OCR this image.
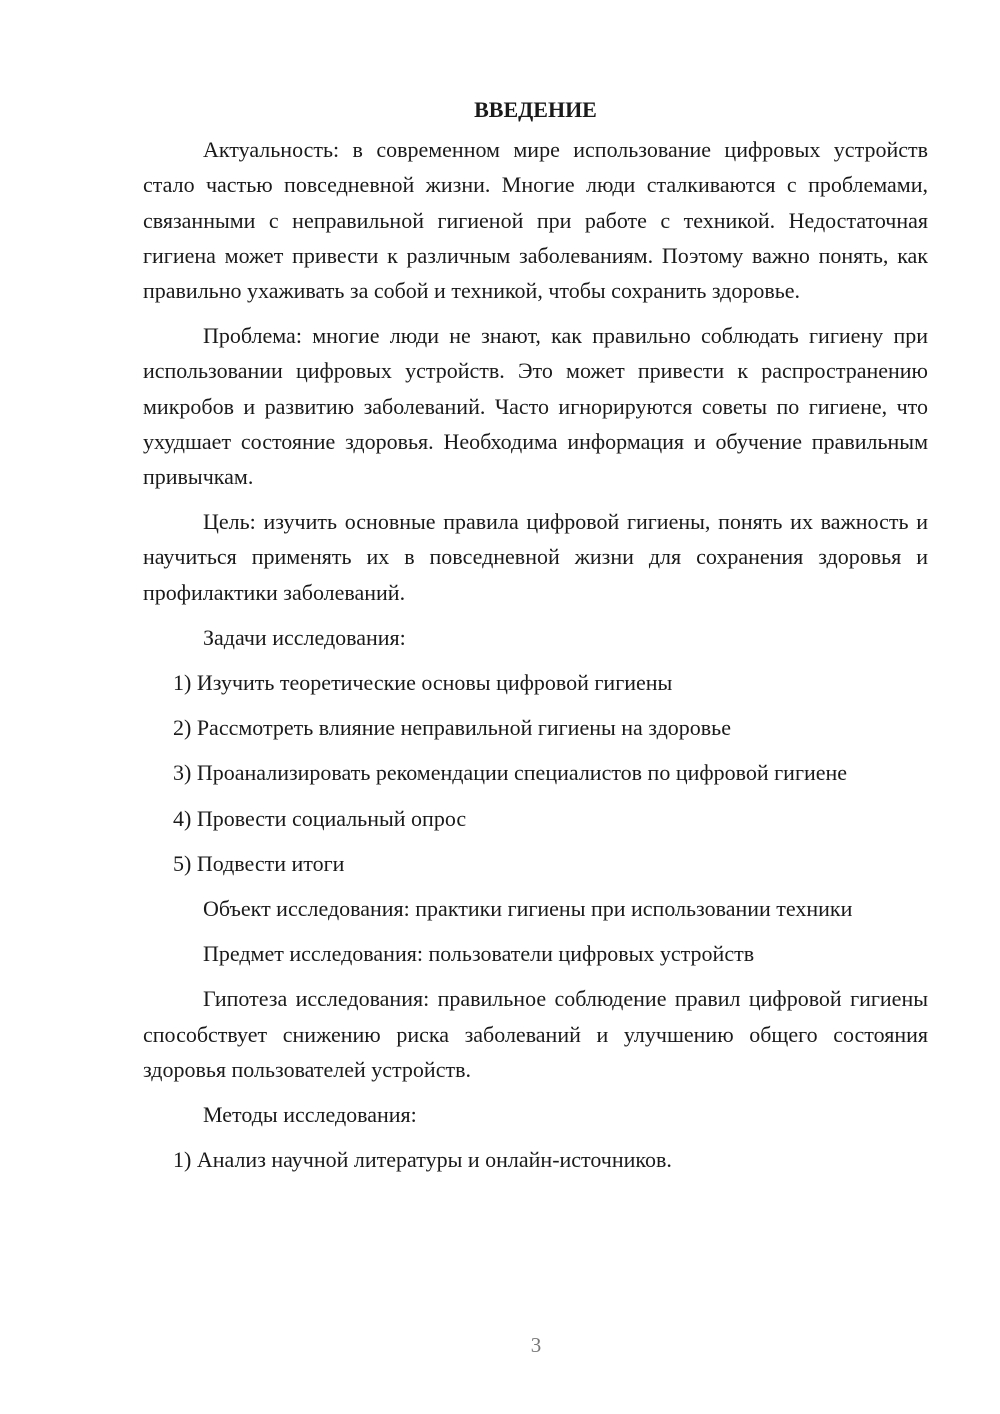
ВВЕДЕНИЕ

Актуальность: в современном мире использование цифровых устройств стало частью повседневной жизни. Многие люди сталкиваются с проблемами, связанными с неправильной гигиеной при работе с техникой. Недостаточная гигиена может привести к различным заболеваниям. Поэтому важно понять, как правильно ухаживать за собой и техникой, чтобы сохранить здоровье.

Проблема: многие люди не знают, как правильно соблюдать гигиену при использовании цифровых устройств. Это может привести к распространению микробов и развитию заболеваний. Часто игнорируются советы по гигиене, что ухудшает состояние здоровья. Необходима информация и обучение правильным привычкам.

Цель: изучить основные правила цифровой гигиены, понять их важность и научиться применять их в повседневной жизни для сохранения здоровья и профилактики заболеваний.

Задачи исследования:

1) Изучить теоретические основы цифровой гигиены

2) Рассмотреть влияние неправильной гигиены на здоровье

3) Проанализировать рекомендации специалистов по цифровой гигиене

4) Провести социальный опрос

5) Подвести итоги

Объект исследования: практики гигиены при использовании техники

Предмет исследования: пользователи цифровых устройств

Гипотеза исследования: правильное соблюдение правил цифровой гигиены способствует снижению риска заболеваний и улучшению общего состояния здоровья пользователей устройств.

Методы исследования:

1) Анализ научной литературы и онлайн-источников.

3
